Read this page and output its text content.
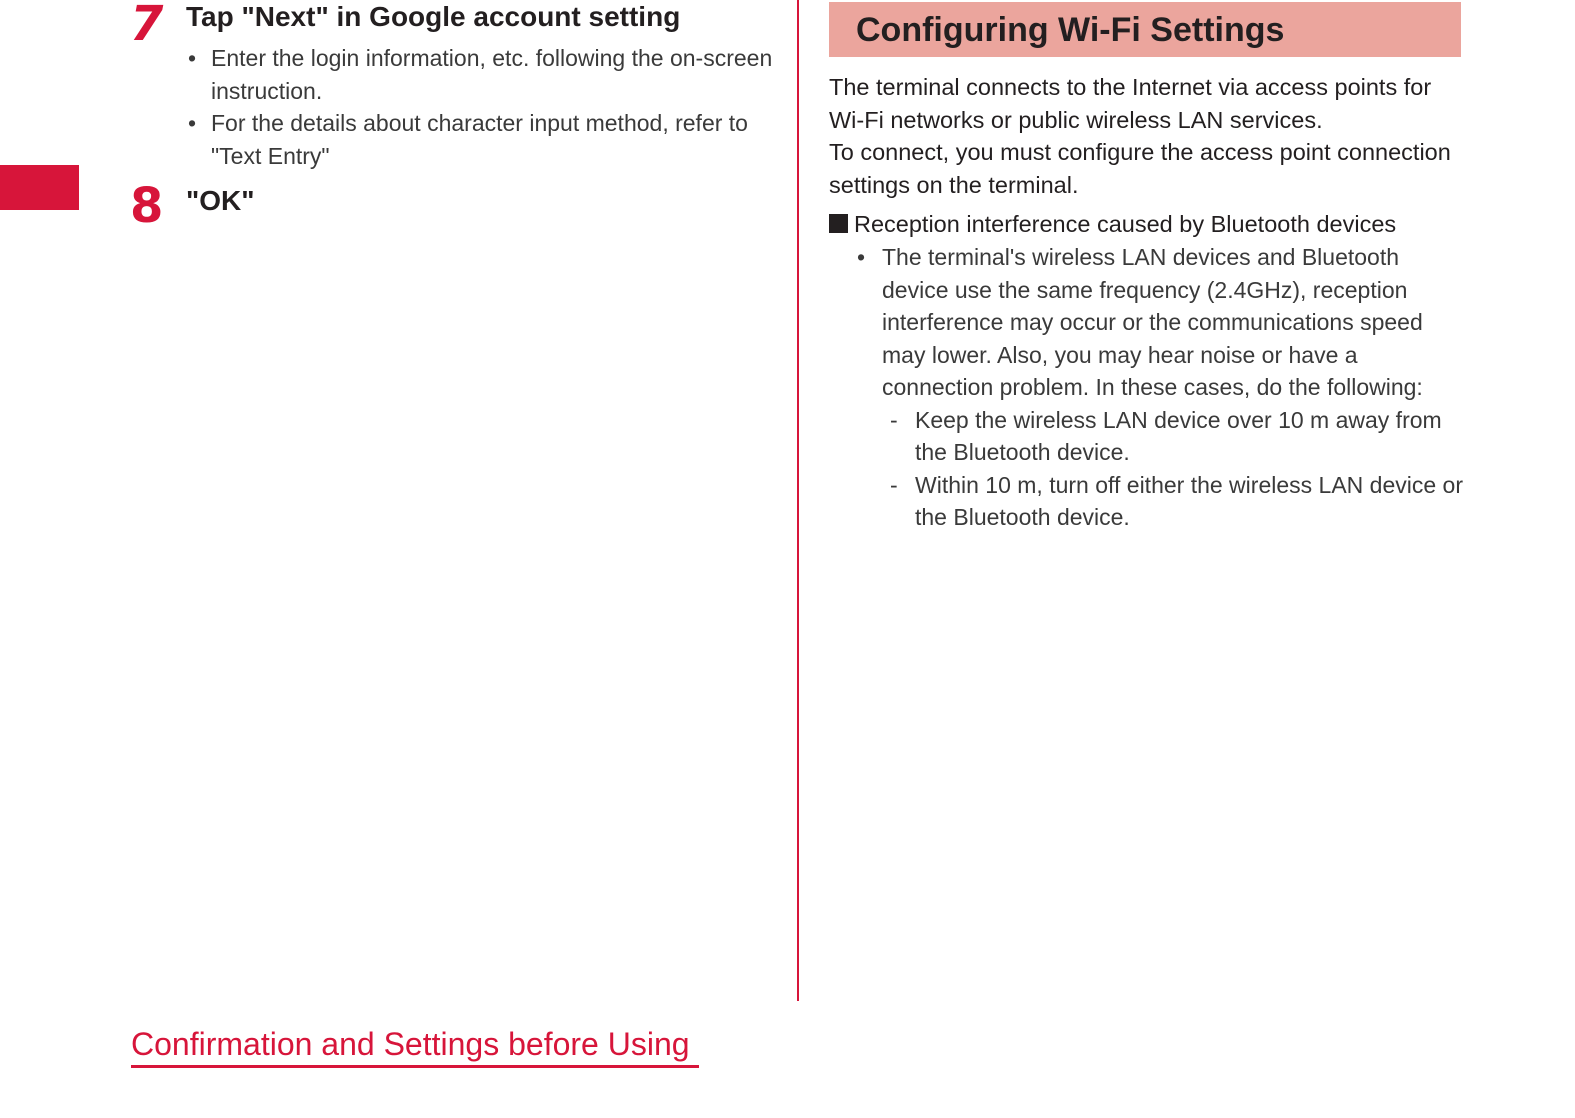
7 Tap "Next" in Google account setting
• Enter the login information, etc. following the on-screen instruction.
• For the details about character input method, refer to "Text Entry"
8 "OK"
Confirmation and Settings before Using
Configuring Wi-Fi Settings

The terminal connects to the Internet via access points for Wi-Fi networks or public wireless LAN services.

To connect, you must configure the access point connection settings on the terminal.

Reception interference caused by Bluetooth devices
• The terminal's wireless LAN devices and Bluetooth device use the same frequency (2.4GHz), reception interference may occur or the communications speed may lower. Also, you may hear noise or have a connection problem. In these cases, do the following:
- Keep the wireless LAN device over 10 m away from the Bluetooth device.
- Within 10 m, turn off either the wireless LAN device or the Bluetooth device.
